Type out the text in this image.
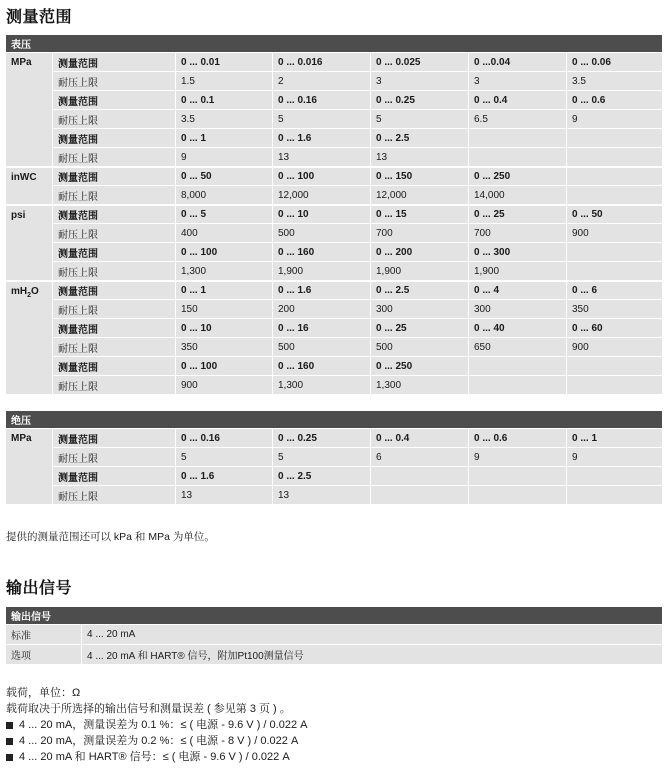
测量范围
表压						
MPa	测量范围	0 ... 0.01	0 ... 0.016	0 ... 0.025	0 ...0.04	0 ... 0.06
	耐压上限	1.5	2	3	3	3.5
	测量范围	0 ... 0.1	0 ... 0.16	0 ... 0.25	0 ... 0.4	0 ... 0.6
	耐压上限	3.5	5	5	6.5	9
	测量范围	0 ... 1	0 ... 1.6	0 ... 2.5		
	耐压上限	9	13	13		
inWC	测量范围	0 ... 50	0 ... 100	0 ... 150	0 ... 250	
	耐压上限	8,000	12,000	12,000	14,000	
psi	测量范围	0 ... 5	0 ... 10	0 ... 15	0 ... 25	0 ... 50
	耐压上限	400	500	700	700	900
	测量范围	0 ... 100	0 ... 160	0 ... 200	0 ... 300	
	耐压上限	1,300	1,900	1,900	1,900	
$mH_2O$	测量范围	0 ... 1	0 ... 1.6	0 ... 2.5	0 ... 4	0 ... 6
	耐压上限	150	200	300	300	350
	测量范围	0 ... 10	0 ... 16	0 ... 25	0 ... 40	0 ... 60
	耐压上限	350	500	500	650	900
	测量范围	0 ... 100	0 ... 160	0 ... 250		
	耐压上限	900	1,300	1,300		
绝压						
MPa	测量范围	0 ... 0.16	0 ... 0.25	0 ... 0.4	0 ... 0.6	0 ... 1
	耐压上限	5	5	6	9	9
	测量范围	0 ... 1.6	0 ... 2.5			
	耐压上限	13	13			
提供的测量范围还可以 kPa 和 MPa 为单位。
输出信号
输出信号	
标准	4 ... 20 mA
选项	4 ... 20 mA 和 HART® 信号，附加Pt100测量信号
载荷，单位：Ω
载荷取决于所选择的输出信号和测量误差 ( 参见第 3 页 ) 。
4 ... 20 mA，测量误差为 0.1 %：≤ ( 电源 - 9.6 V ) / 0.022 A
4 ... 20 mA，测量误差为 0.2 %：≤ ( 电源 - 8 V ) / 0.022 A
4 ... 20 mA 和 HART® 信号：≤ ( 电源 - 9.6 V ) / 0.022 A
